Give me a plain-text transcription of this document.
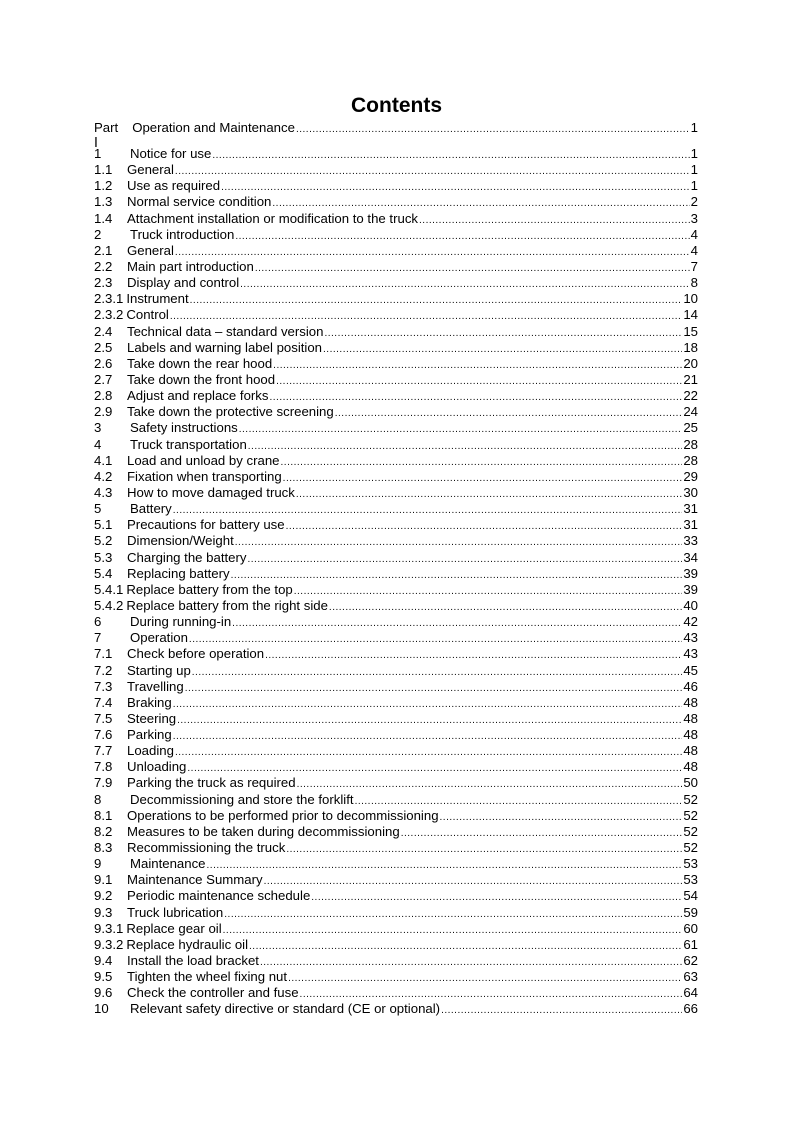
Contents
Part Ⅰ
Operation and Maintenance .....	1
1	Notice for use .....	1
1.1	General .....	1
1.2	Use as required .....	1
1.3	Normal service condition .....	2
1.4	Attachment installation or modification to the truck .....	3
2	Truck introduction .....	4
2.1	General .....	4
2.2	Main part introduction .....	7
2.3	Display and control .....	8
2.3.1 Instrument .....	10
2.3.2 Control .....	14
2.4	Technical data – standard version .....	15
2.5	Labels and warning label position .....	18
2.6	Take down the rear hood .....	20
2.7	Take down the front hood .....	21
2.8	Adjust and replace forks .....	22
2.9	Take down the protective screening .....	24
3	Safety instructions .....	25
4	Truck transportation .....	28
4.1	Load and unload by crane .....	28
4.2	Fixation when transporting .....	29
4.3	How to move damaged truck .....	30
5	Battery .....	31
5.1	Precautions for battery use .....	31
5.2	Dimension/Weight .....	33
5.3	Charging the battery .....	34
5.4	Replacing battery .....	39
5.4.1 Replace battery from the top .....	39
5.4.2 Replace battery from the right side .....	40
6	During running-in .....	42
7	Operation .....	43
7.1	Check before operation .....	43
7.2	Starting up .....	45
7.3	Travelling .....	46
7.4	Braking .....	48
7.5	Steering .....	48
7.6	Parking .....	48
7.7	Loading .....	48
7.8	Unloading .....	48
7.9	Parking the truck as required .....	50
8	Decommissioning and store the forklift .....	52
8.1	Operations to be performed prior to decommissioning .....	52
8.2	Measures to be taken during decommissioning .....	52
8.3	Recommissioning the truck .....	52
9	Maintenance .....	53
9.1	Maintenance Summary .....	53
9.2	Periodic maintenance schedule .....	54
9.3	Truck lubrication .....	59
9.3.1 Replace gear oil .....	60
9.3.2 Replace hydraulic oil .....	61
9.4	Install the load bracket .....	62
9.5	Tighten the wheel fixing nut .....	63
9.6	Check the controller and fuse .....	64
10	Relevant safety directive or standard (CE or optional) .....	66
